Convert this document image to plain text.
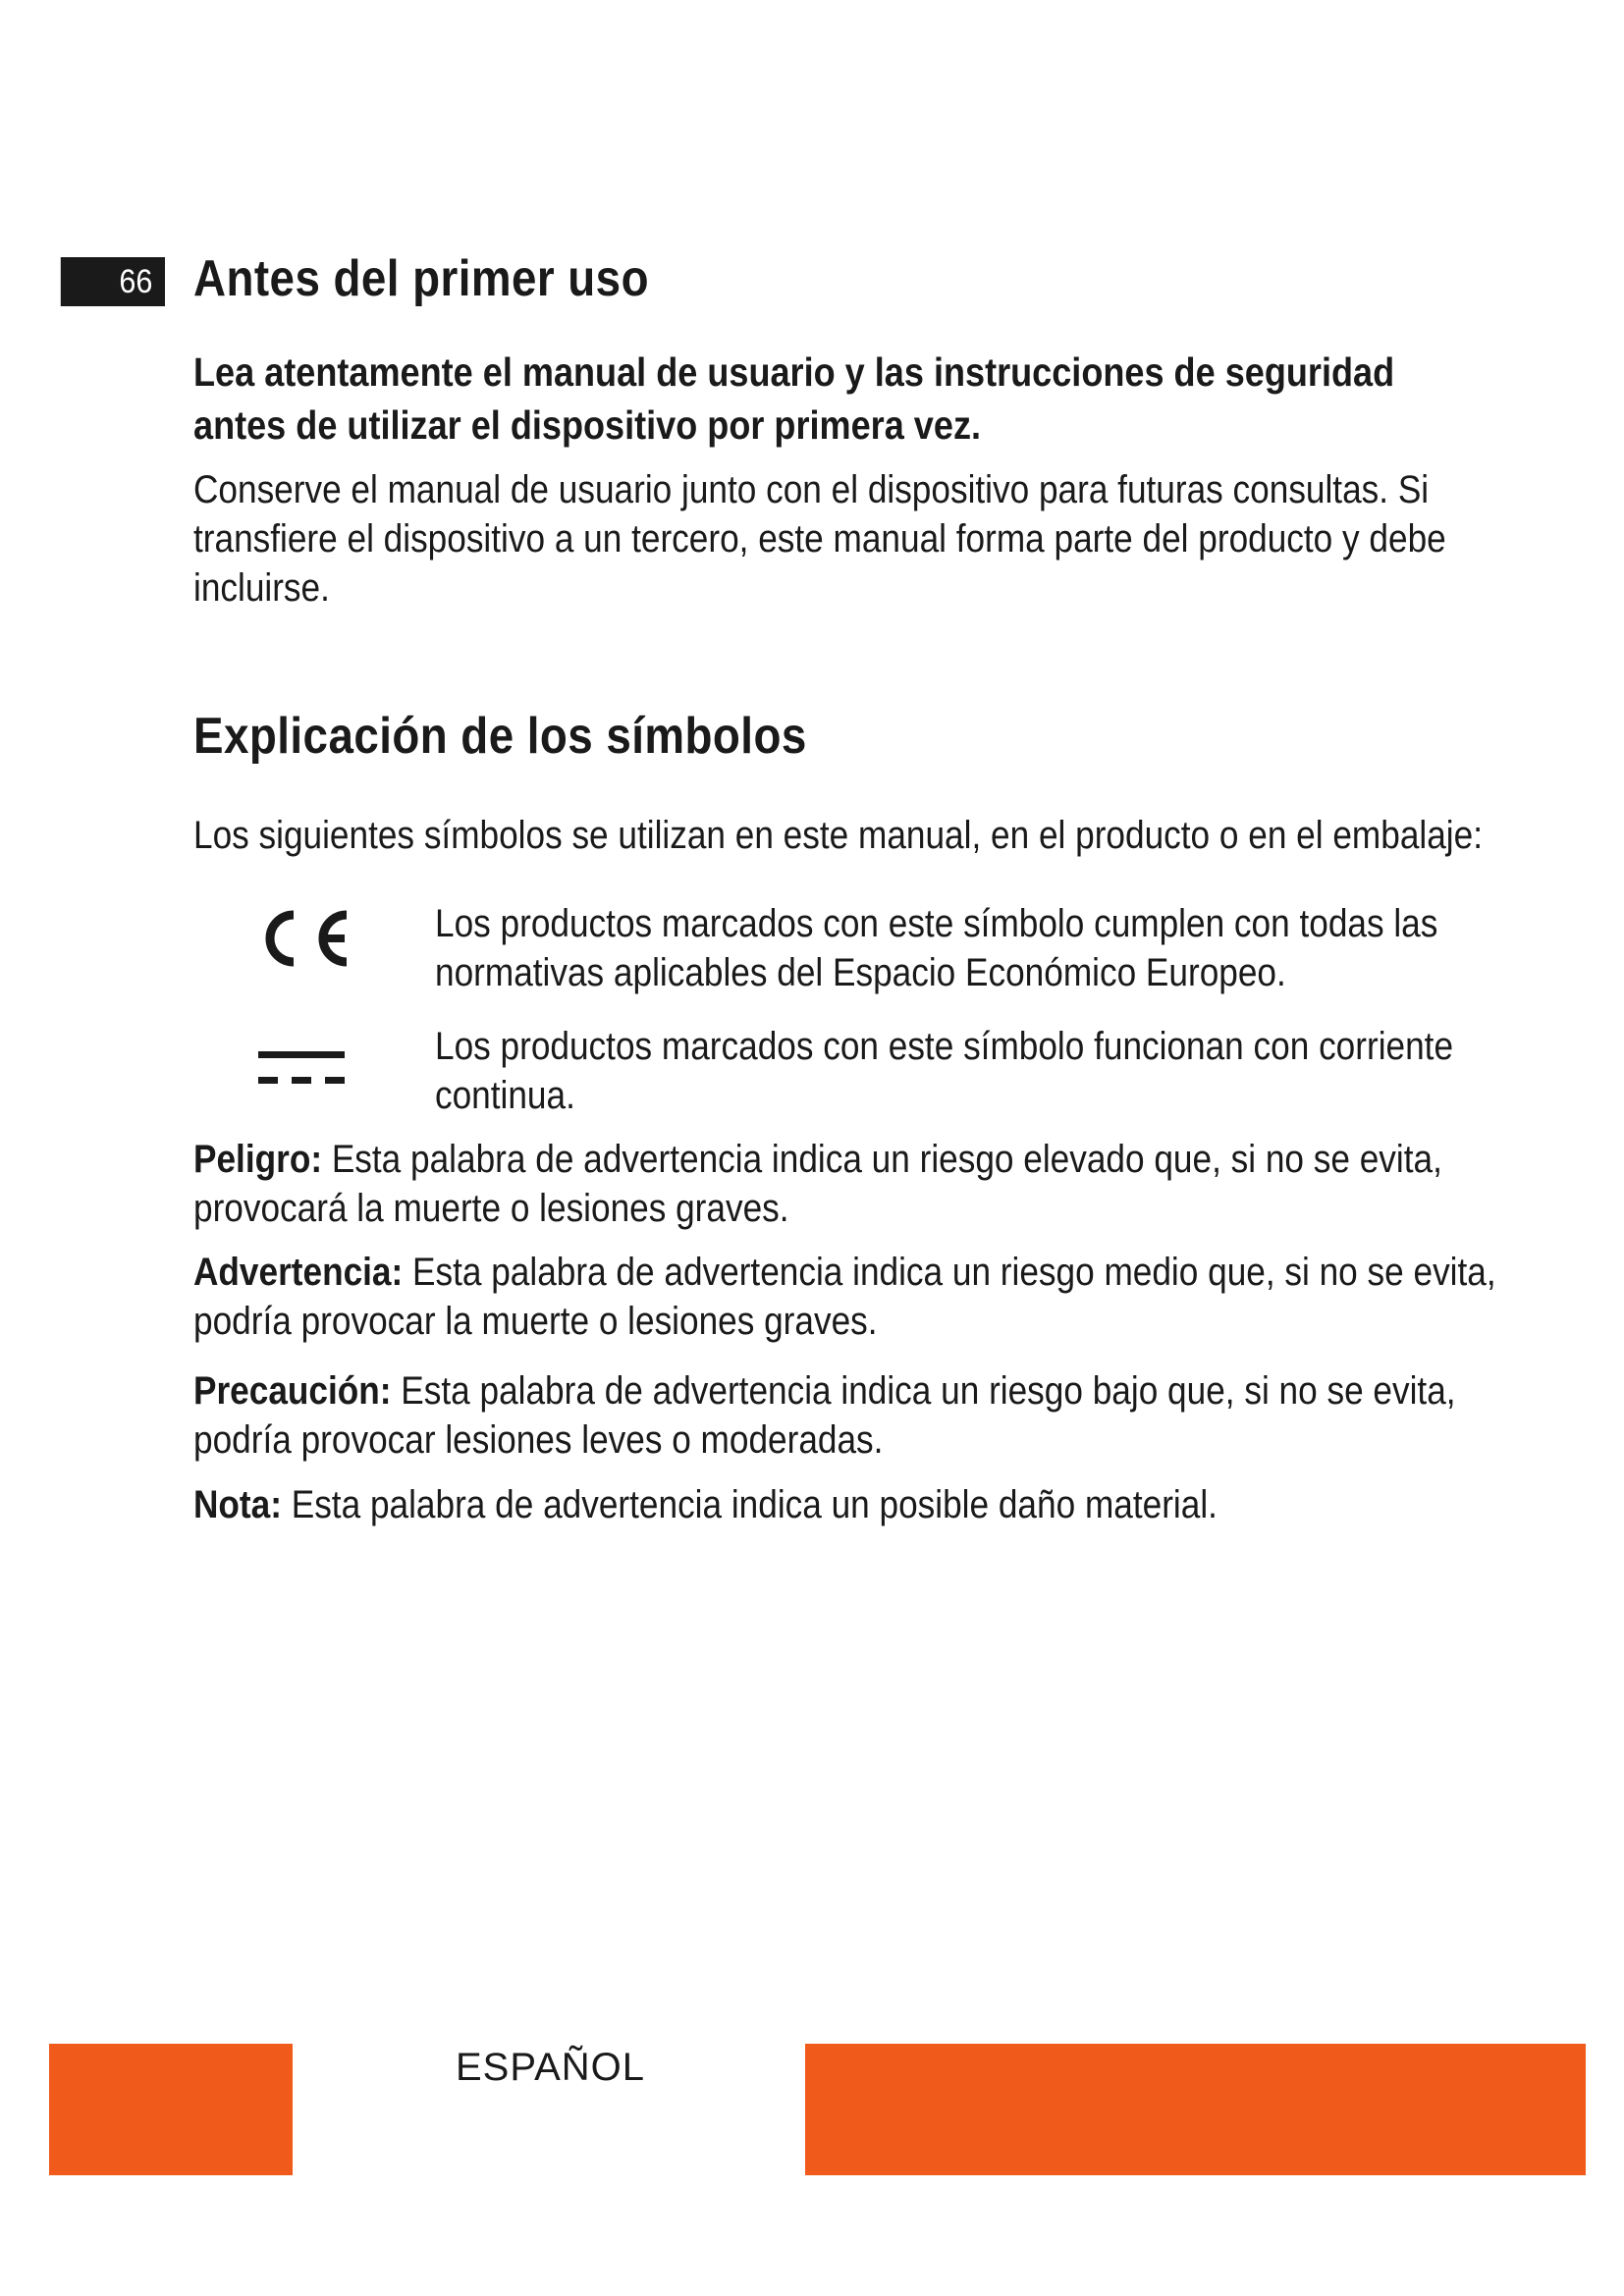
66 Antes del primer uso
Lea atentamente el manual de usuario y las instrucciones de seguridad
antes de utilizar el dispositivo por primera vez.
Conserve el manual de usuario junto con el dispositivo para futuras consultas. Si
transfiere el dispositivo a un tercero, este manual forma parte del producto y debe
incluirse.
Explicación de los símbolos

Los siguientes símbolos se utilizan en este manual, en el producto o en el embalaje:

Los productos marcados con este símbolo cumplen con todas las
normativas aplicables del Espacio Económico Europeo.
Los productos marcados con este símbolo funcionan con corriente
continua.
Peligro: Esta palabra de advertencia indica un riesgo elevado que, si no se evita,
provocará la muerte o lesiones graves.
Advertencia: Esta palabra de advertencia indica un riesgo medio que, si no se evita,
podría provocar la muerte o lesiones graves.
Precaución: Esta palabra de advertencia indica un riesgo bajo que, si no se evita,
podría provocar lesiones leves o moderadas.
Nota: Esta palabra de advertencia indica un posible daño material.
ESPAÑOL
